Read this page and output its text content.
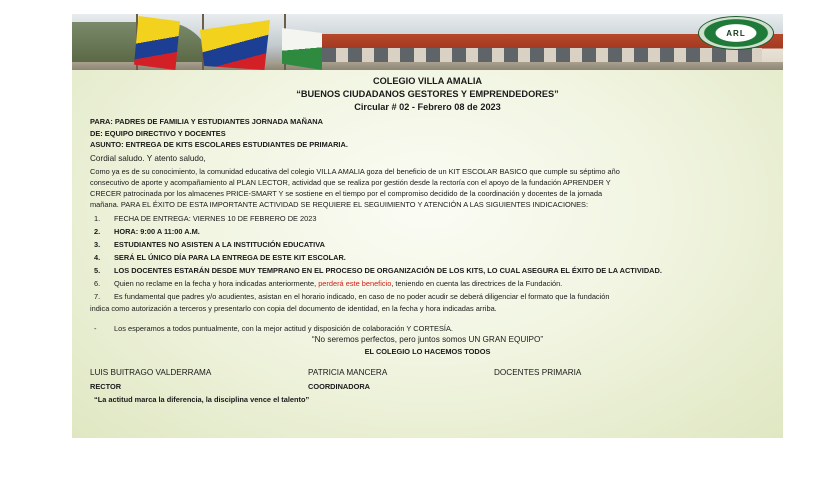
ARL
COLEGIO VILLA AMALIA
“BUENOS CIUDADANOS GESTORES Y EMPRENDEDORES”
Circular # 02 - Febrero 08 de 2023
PARA: PADRES DE FAMILIA Y ESTUDIANTES JORNADA MAÑANA
DE: EQUIPO DIRECTIVO Y DOCENTES
ASUNTO: ENTREGA DE KITS ESCOLARES ESTUDIANTES DE PRIMARIA.
Cordial saludo. Y atento saludo,
Como ya es de su conocimiento, la comunidad educativa del colegio VILLA AMALIA goza del beneficio de un KIT ESCOLAR BASICO que cumple su séptimo año
consecutivo de aporte y acompañamiento al PLAN LECTOR, actividad que se realiza por gestión desde la rectoría con el apoyo de la fundación APRENDER Y
CRECER patrocinada por los almacenes PRICE-SMART Y se sostiene en el tiempo por el compromiso decidido de la coordinación y docentes de la jornada
mañana. PARA EL ÉXITO DE ESTA IMPORTANTE ACTIVIDAD SE REQUIERE EL SEGUIMIENTO Y ATENCIÓN A LAS SIGUIENTES INDICACIONES:
1. FECHA DE ENTREGA: VIERNES 10 DE FEBRERO DE 2023
2. HORA: 9:00 A 11:00 A.M.
3. ESTUDIANTES NO ASISTEN A LA INSTITUCIÓN EDUCATIVA
4. SERÁ EL ÚNICO DÍA PARA LA ENTREGA DE ESTE KIT ESCOLAR.
5. LOS DOCENTES ESTARÁN DESDE MUY TEMPRANO EN EL PROCESO DE ORGANIZACIÓN DE LOS KITS, LO CUAL ASEGURA EL ÉXITO DE LA ACTIVIDAD.
6. Quien no reclame en la fecha y hora indicadas anteriormente, perderá este beneficio, teniendo en cuenta las directrices de la Fundación.
7. Es fundamental que padres y/o acudientes, asistan en el horario indicado, en caso de no poder acudir se deberá diligenciar el formato que la fundación
indica como autorización a terceros y presentarlo con copia del documento de identidad, en la fecha y hora indicadas arriba.
- Los esperamos a todos puntualmente, con la mejor actitud y disposición de colaboración Y CORTESÍA.
“No seremos perfectos, pero juntos somos UN GRAN EQUIPO”
EL COLEGIO LO HACEMOS TODOS
LUIS BUITRAGO VALDERRAMA	PATRICIA MANCERA	DOCENTES PRIMARIA
RECTOR	COORDINADORA
“La actitud marca la diferencia, la disciplina vence el talento”
